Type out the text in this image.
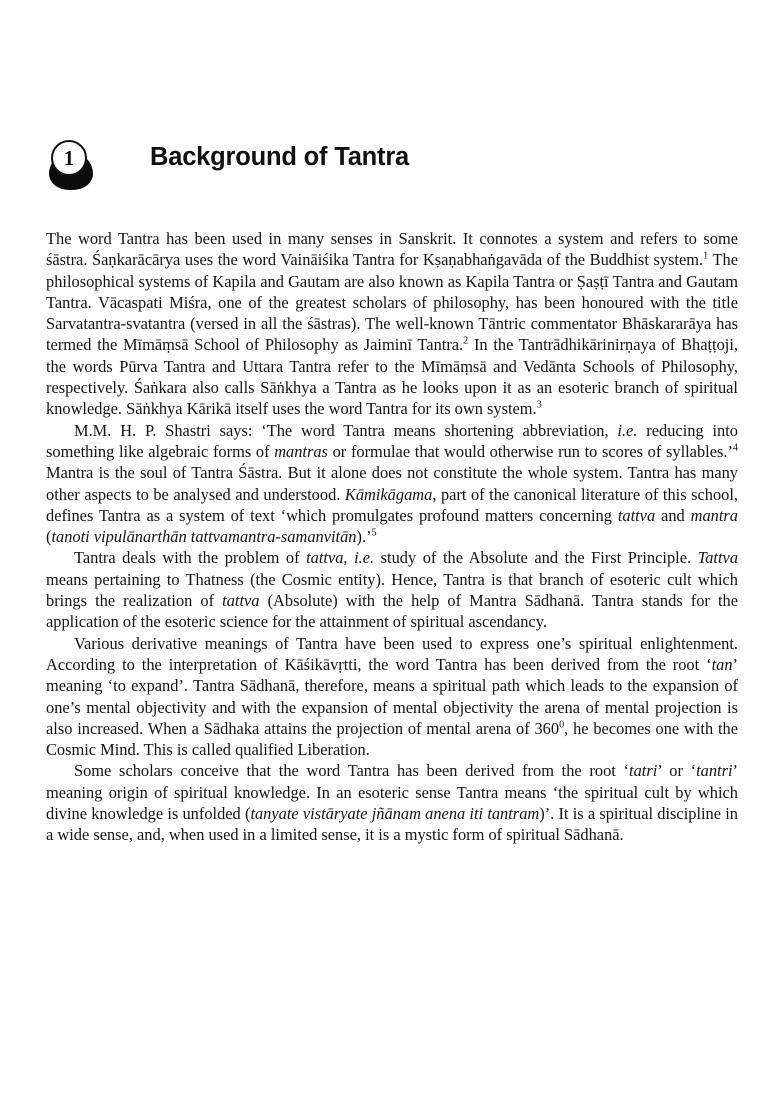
1	Background of Tantra

The word Tantra has been used in many senses in Sanskrit. It connotes a system and refers to some śāstra. Śaṇkarācārya uses the word Vaināiśika Tantra for Kṣaṇabhaṅgavāda of the Buddhist system.$^1$ The philosophical systems of Kapila and Gautam are also known as Kapila Tantra or Ṣaṣṭī Tantra and Gautam Tantra. Vācaspati Miśra, one of the greatest scholars of philosophy, has been honoured with the title Sarvatantra-svatantra (versed in all the śāstras). The well-known Tāntric commentator Bhāskararāya has termed the Mīmāṃsā School of Philosophy as Jaiminī Tantra.$^2$ In the Tantrādhikārinirṇaya of Bhaṭṭoji, the words Pūrva Tantra and Uttara Tantra refer to the Mīmāṃsā and Vedānta Schools of Philosophy, respectively. Śaṅkara also calls Sāṅkhya a Tantra as he looks upon it as an esoteric branch of spiritual knowledge. Sāṅkhya Kārikā itself uses the word Tantra for its own system.$^3$

M.M. H. P. Shastri says: ‘The word Tantra means shortening abbreviation, i.e. reducing into something like algebraic forms of mantras or formulae that would otherwise run to scores of syllables.’$^4$ Mantra is the soul of Tantra Śāstra. But it alone does not constitute the whole system. Tantra has many other aspects to be analysed and understood. Kāmikāgama, part of the canonical literature of this school, defines Tantra as a system of text ‘which promulgates profound matters concerning tattva and mantra (tanoti vipulānarthān tattvamantra-samanvitān).’$^5$

Tantra deals with the problem of tattva, i.e. study of the Absolute and the First Principle. Tattva means pertaining to Thatness (the Cosmic entity). Hence, Tantra is that branch of esoteric cult which brings the realization of tattva (Absolute) with the help of Mantra Sādhanā. Tantra stands for the application of the esoteric science for the attainment of spiritual ascendancy.

Various derivative meanings of Tantra have been used to express one’s spiritual enlightenment. According to the interpretation of Kāśikāvṛtti, the word Tantra has been derived from the root ‘tan’ meaning ‘to expand’. Tantra Sādhanā, therefore, means a spiritual path which leads to the expansion of one’s mental objectivity and with the expansion of mental objectivity the arena of mental projection is also increased. When a Sādhaka attains the projection of mental arena of $360^0$, he becomes one with the Cosmic Mind. This is called qualified Liberation.

Some scholars conceive that the word Tantra has been derived from the root ‘tatri’ or ‘tantri’ meaning origin of spiritual knowledge. In an esoteric sense Tantra means ‘the spiritual cult by which divine knowledge is unfolded (tanyate vistāryate jñānam anena iti tantram)’. It is a spiritual discipline in a wide sense, and, when used in a limited sense, it is a mystic form of spiritual Sādhanā.
